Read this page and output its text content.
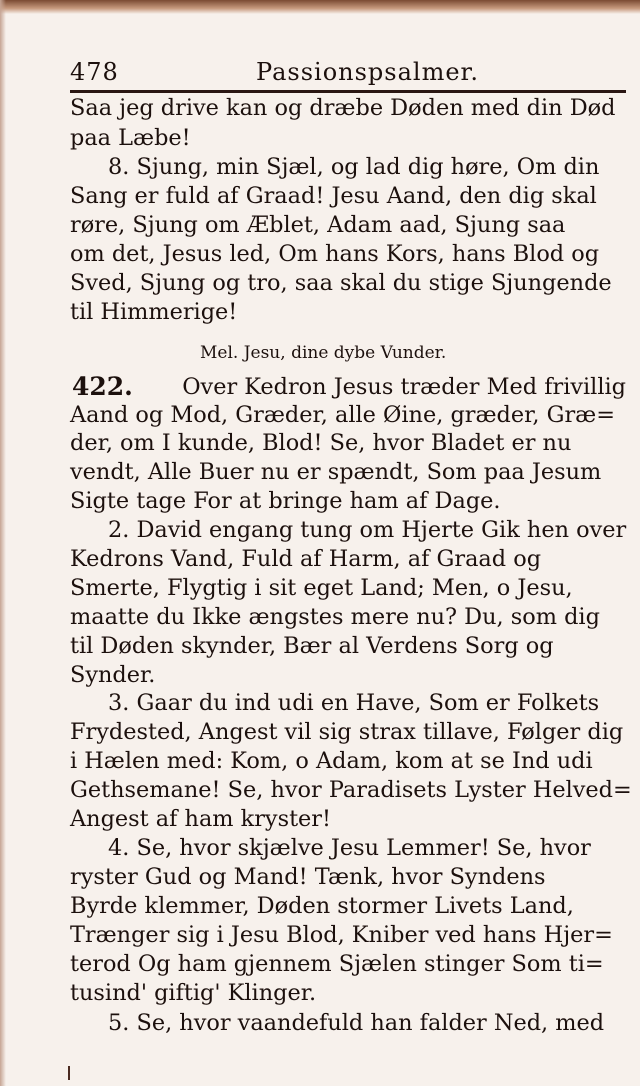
478	Passionspsalmer.
Saa jeg drive kan og dræbe Døden med din Død
paa Læbe!
8. Sjung, min Sjæl, og lad dig høre, Om din
Sang er fuld af Graad! Jesu Aand, den dig skal
røre, Sjung om Æblet, Adam aad, Sjung saa
om det, Jesus led, Om hans Kors, hans Blod og
Sved, Sjung og tro, saa skal du stige Sjungende
til Himmerige!
Mel. Jesu, dine dybe Vunder.
422. Over Kedron Jesus træder Med frivillig
Aand og Mod, Græder, alle Øine, græder, Græ=
der, om I kunde, Blod! Se, hvor Bladet er nu
vendt, Alle Buer nu er spændt, Som paa Jesum
Sigte tage For at bringe ham af Dage.
2. David engang tung om Hjerte Gik hen over
Kedrons Vand, Fuld af Harm, af Graad og
Smerte, Flygtig i sit eget Land; Men, o Jesu,
maatte du Ikke ængstes mere nu? Du, som dig
til Døden skynder, Bær al Verdens Sorg og
Synder.
3. Gaar du ind udi en Have, Som er Folkets
Frydested, Angest vil sig strax tillave, Følger dig
i Hælen med: Kom, o Adam, kom at se Ind udi
Gethsemane! Se, hvor Paradisets Lyster Helved=
Angest af ham kryster!
4. Se, hvor skjælve Jesu Lemmer! Se, hvor
ryster Gud og Mand! Tænk, hvor Syndens
Byrde klemmer, Døden stormer Livets Land,
Trænger sig i Jesu Blod, Kniber ved hans Hjer=
terod Og ham gjennem Sjælen stinger Som ti=
tusind' giftig' Klinger.
5. Se, hvor vaandefuld han falder Ned, med
